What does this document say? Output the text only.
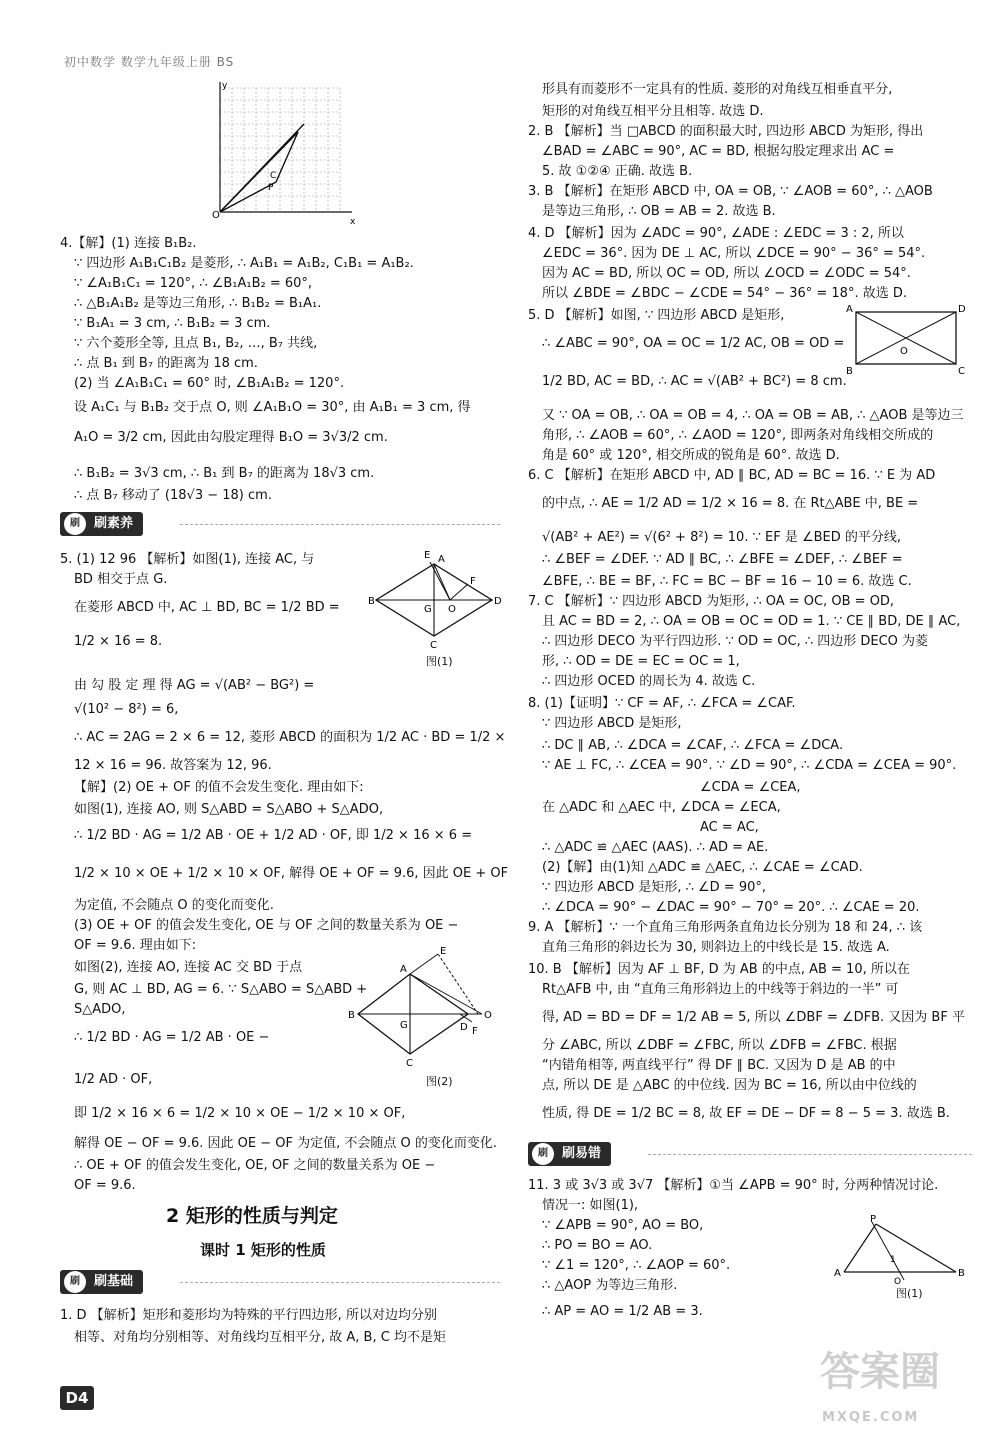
初中数学 数学九年级上册 BS
O
x
y
C
P
4.【解】(1) 连接 B₁B₂.
∵ 四边形 A₁B₁C₁B₂ 是菱形, ∴ A₁B₁ = A₁B₂, C₁B₁ = A₁B₂.
∵ ∠A₁B₁C₁ = 120°, ∴ ∠B₁A₁B₂ = 60°,
∴ △B₁A₁B₂ 是等边三角形, ∴ B₁B₂ = B₁A₁.
∵ B₁A₁ = 3 cm, ∴ B₁B₂ = 3 cm.
∵ 六个菱形全等, 且点 B₁, B₂, …, B₇ 共线,
∴ 点 B₁ 到 B₇ 的距离为 18 cm.
(2) 当 ∠A₁B₁C₁ = 60° 时, ∠B₁A₁B₂ = 120°.
设 A₁C₁ 与 B₁B₂ 交于点 O, 则 ∠A₁B₁O = 30°, 由 A₁B₁ = 3 cm, 得
A₁O = 3/2 cm, 因此由勾股定理得 B₁O = 3√3/2 cm.
∴ B₁B₂ = 3√3 cm, ∴ B₁ 到 B₇ 的距离为 18√3 cm.
∴ 点 B₇ 移动了 (18√3 − 18) cm.
刷	刷素养
B
E A
F
D
G O
C
图(1)
5. (1) 12 96 【解析】如图(1), 连接 AC, 与
BD 相交于点 G.
在菱形 ABCD 中, AC ⊥ BD, BC = 1/2 BD =
1/2 × 16 = 8.
由 勾 股 定 理 得 AG = √(AB² − BG²) =
√(10² − 8²) = 6,
∴ AC = 2AG = 2 × 6 = 12, 菱形 ABCD 的面积为 1/2 AC · BD = 1/2 ×
12 × 16 = 96. 故答案为 12, 96.
【解】(2) OE + OF 的值不会发生变化. 理由如下:
如图(1), 连接 AO, 则 S△ABD = S△ABO + S△ADO,
∴ 1/2 BD · AG = 1/2 AB · OE + 1/2 AD · OF, 即 1/2 × 16 × 6 =
1/2 × 10 × OE + 1/2 × 10 × OF, 解得 OE + OF = 9.6, 因此 OE + OF
为定值, 不会随点 O 的变化而变化.
(3) OE + OF 的值会发生变化, OE 与 OF 之间的数量关系为 OE −
OF = 9.6. 理由如下:
如图(2), 连接 AO, 连接 AC 交 BD 于点
G, 则 AC ⊥ BD, AG = 6. ∵ S△ABO = S△ABD +
S△ADO,
∴ 1/2 BD · AG = 1/2 AB · OE −
1/2 AD · OF,
B
A
E
G
O
D F
C
图(2)
即 1/2 × 16 × 6 = 1/2 × 10 × OE − 1/2 × 10 × OF,
解得 OE − OF = 9.6. 因此 OE − OF 为定值, 不会随点 O 的变化而变化.
∴ OE + OF 的值会发生变化, OE, OF 之间的数量关系为 OE −
OF = 9.6.
2 矩形的性质与判定
课时 1 矩形的性质
刷	刷基础
1. D 【解析】矩形和菱形均为特殊的平行四边形, 所以对边均分别
相等、对角均分别相等、对角线均互相平分, 故 A, B, C 均不是矩
形具有而菱形不一定具有的性质. 菱形的对角线互相垂直平分,
矩形的对角线互相平分且相等. 故选 D.
2. B 【解析】当 □ABCD 的面积最大时, 四边形 ABCD 为矩形, 得出
∠BAD = ∠ABC = 90°, AC = BD, 根据勾股定理求出 AC =
5. 故 ①②④ 正确. 故选 B.
3. B 【解析】在矩形 ABCD 中, OA = OB, ∵ ∠AOB = 60°, ∴ △AOB
是等边三角形, ∴ OB = AB = 2. 故选 B.
4. D 【解析】因为 ∠ADC = 90°, ∠ADE : ∠EDC = 3 : 2, 所以
∠EDC = 36°. 因为 DE ⊥ AC, 所以 ∠DCE = 90° − 36° = 54°.
因为 AC = BD, 所以 OC = OD, 所以 ∠OCD = ∠ODC = 54°.
所以 ∠BDE = ∠BDC − ∠CDE = 54° − 36° = 18°. 故选 D.
5. D 【解析】如图, ∵ 四边形 ABCD 是矩形,
∴ ∠ABC = 90°, OA = OC = 1/2 AC, OB = OD =
1/2 BD, AC = BD, ∴ AC = √(AB² + BC²) = 8 cm.
A	D
B	C
O
又 ∵ OA = OB, ∴ OA = OB = 4, ∴ OA = OB = AB, ∴ △AOB 是等边三
角形, ∴ ∠AOB = 60°, ∴ ∠AOD = 120°, 即两条对角线相交所成的
角是 60° 或 120°, 相交所成的锐角是 60°. 故选 D.
6. C 【解析】在矩形 ABCD 中, AD ∥ BC, AD = BC = 16. ∵ E 为 AD
的中点, ∴ AE = 1/2 AD = 1/2 × 16 = 8. 在 Rt△ABE 中, BE =
√(AB² + AE²) = √(6² + 8²) = 10. ∵ EF 是 ∠BED 的平分线,
∴ ∠BEF = ∠DEF. ∵ AD ∥ BC, ∴ ∠BFE = ∠DEF, ∴ ∠BEF =
∠BFE, ∴ BE = BF, ∴ FC = BC − BF = 16 − 10 = 6. 故选 C.
7. C 【解析】∵ 四边形 ABCD 为矩形, ∴ OA = OC, OB = OD,
且 AC = BD = 2, ∴ OA = OB = OC = OD = 1. ∵ CE ∥ BD, DE ∥ AC,
∴ 四边形 DECO 为平行四边形. ∵ OD = OC, ∴ 四边形 DECO 为菱
形, ∴ OD = DE = EC = OC = 1,
∴ 四边形 OCED 的周长为 4. 故选 C.
8. (1)【证明】∵ CF = AF, ∴ ∠FCA = ∠CAF.
∵ 四边形 ABCD 是矩形,
∴ DC ∥ AB, ∴ ∠DCA = ∠CAF, ∴ ∠FCA = ∠DCA.
∵ AE ⊥ FC, ∴ ∠CEA = 90°. ∵ ∠D = 90°, ∴ ∠CDA = ∠CEA = 90°.
∠CDA = ∠CEA,
在 △ADC 和 △AEC 中, ∠DCA = ∠ECA,
AC = AC,
∴ △ADC ≌ △AEC (AAS). ∴ AD = AE.
(2)【解】由(1)知 △ADC ≌ △AEC, ∴ ∠CAE = ∠CAD.
∵ 四边形 ABCD 是矩形, ∴ ∠D = 90°,
∴ ∠DCA = 90° − ∠DAC = 90° − 70° = 20°. ∴ ∠CAE = 20.
9. A 【解析】∵ 一个直角三角形两条直角边长分别为 18 和 24, ∴ 该
直角三角形的斜边长为 30, 则斜边上的中线长是 15. 故选 A.
10. B 【解析】因为 AF ⊥ BF, D 为 AB 的中点, AB = 10, 所以在
Rt△AFB 中, 由 “直角三角形斜边上的中线等于斜边的一半” 可
得, AD = BD = DF = 1/2 AB = 5, 所以 ∠DBF = ∠DFB. 又因为 BF 平
分 ∠ABC, 所以 ∠DBF = ∠FBC, 所以 ∠DFB = ∠FBC. 根据
“内错角相等, 两直线平行” 得 DF ∥ BC. 又因为 D 是 AB 的中
点, 所以 DE 是 △ABC 的中位线. 因为 BC = 16, 所以由中位线的
性质, 得 DE = 1/2 BC = 8, 故 EF = DE − DF = 8 − 5 = 3. 故选 B.
刷	刷易错
11. 3 或 3√3 或 3√7 【解析】①当 ∠APB = 90° 时, 分两种情况讨论.
情况一: 如图(1),
∵ ∠APB = 90°, AO = BO,
∴ PO = BO = AO.
∵ ∠1 = 120°, ∴ ∠AOP = 60°.
∴ △AOP 为等边三角形.
∴ AP = AO = 1/2 AB = 3.
A	B
P
1
O
图(1)
D4
答案圈
MXQE.COM
